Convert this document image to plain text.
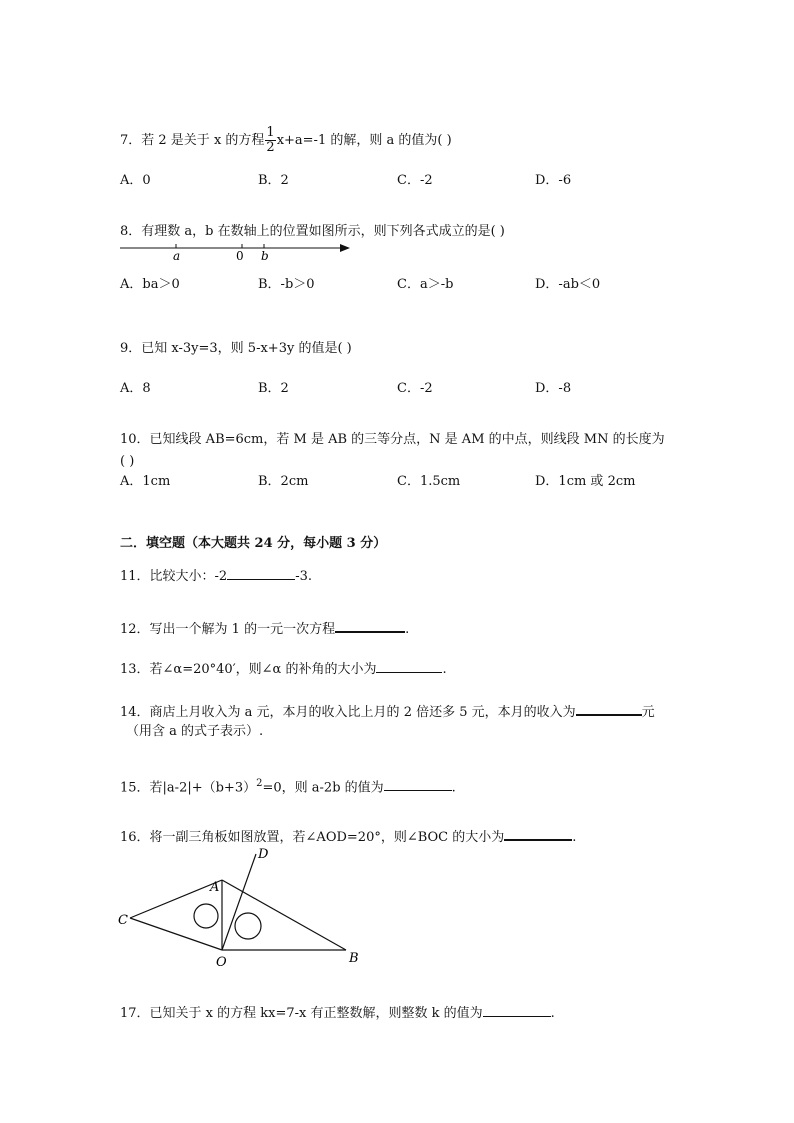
7．若 2 是关于 x 的方程 $\frac{1}{2} x+a=-1$ 的解，则 a 的值为( )
A．0	B．2	C．-2	D．-6
8．有理数 a，b 在数轴上的位置如图所示，则下列各式成立的是( )
a	0 b
A．ba＞0	B．-b＞0	C．a＞-b	D．-ab＜0
9．已知 x-3y=3，则 5-x+3y 的值是( )
A．8	B．2	C．-2	D．-8
10．已知线段 AB=6cm，若 M 是 AB 的三等分点，N 是 AM 的中点，则线段 MN 的长度为
( )
A．1cm	B．2cm	C．1.5cm	D．1cm 或 2cm
二．填空题（本大题共 24 分，每小题 3 分）
11．比较大小：-2	-3.
12．写出一个解为 1 的一元一次方程	.
13．若∠α=20°40′，则∠α 的补角的大小为	.
14．商店上月收入为 a 元，本月的收入比上月的 2 倍还多 5 元，本月的收入为	元
（用含 a 的式子表示）.
15．若$|a-2|+(b+3)^2=0$，则 a-2b 的值为	.
16．将一副三角板如图放置，若∠AOD=20°，则∠BOC 的大小为	.
D
A
C
O	B
17．已知关于 x 的方程 kx=7-x 有正整数解，则整数 k 的值为	.
